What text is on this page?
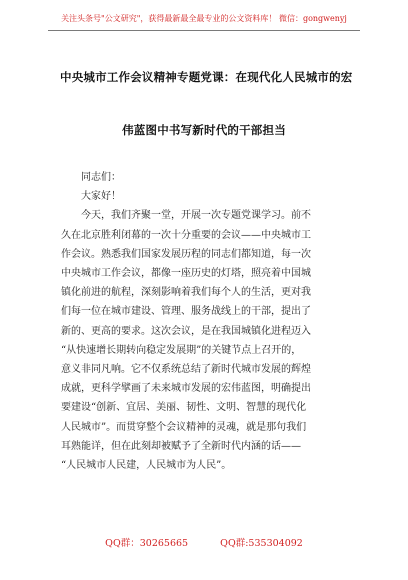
关注头条号"公文研究"，获得最新最全最专业的公文资料库！ 微信：gongwenyj
中央城市工作会议精神专题党课：在现代化人民城市的宏
伟蓝图中书写新时代的干部担当

同志们：

大家好！

今天，我们齐聚一堂，开展一次专题党课学习。前不

久在北京胜利闭幕的一次十分重要的会议——中央城市工

作会议。熟悉我们国家发展历程的同志们都知道，每一次

中央城市工作会议，都像一座历史的灯塔，照亮着中国城

镇化前进的航程，深刻影响着我们每个人的生活，更对我

们每一位在城市建设、管理、服务战线上的干部，提出了

新的、更高的要求。这次会议，是在我国城镇化进程迈入

“从快速增长期转向稳定发展期”的关键节点上召开的，

意义非同凡响。它不仅系统总结了新时代城市发展的辉煌

成就，更科学擘画了未来城市发展的宏伟蓝图，明确提出

要建设“创新、宜居、美丽、韧性、文明、智慧的现代化

人民城市”。而贯穿整个会议精神的灵魂，就是那句我们

耳熟能详，但在此刻却被赋予了全新时代内涵的话——

“人民城市人民建，人民城市为人民”。

QQ群：30265665	QQ群:535304092
